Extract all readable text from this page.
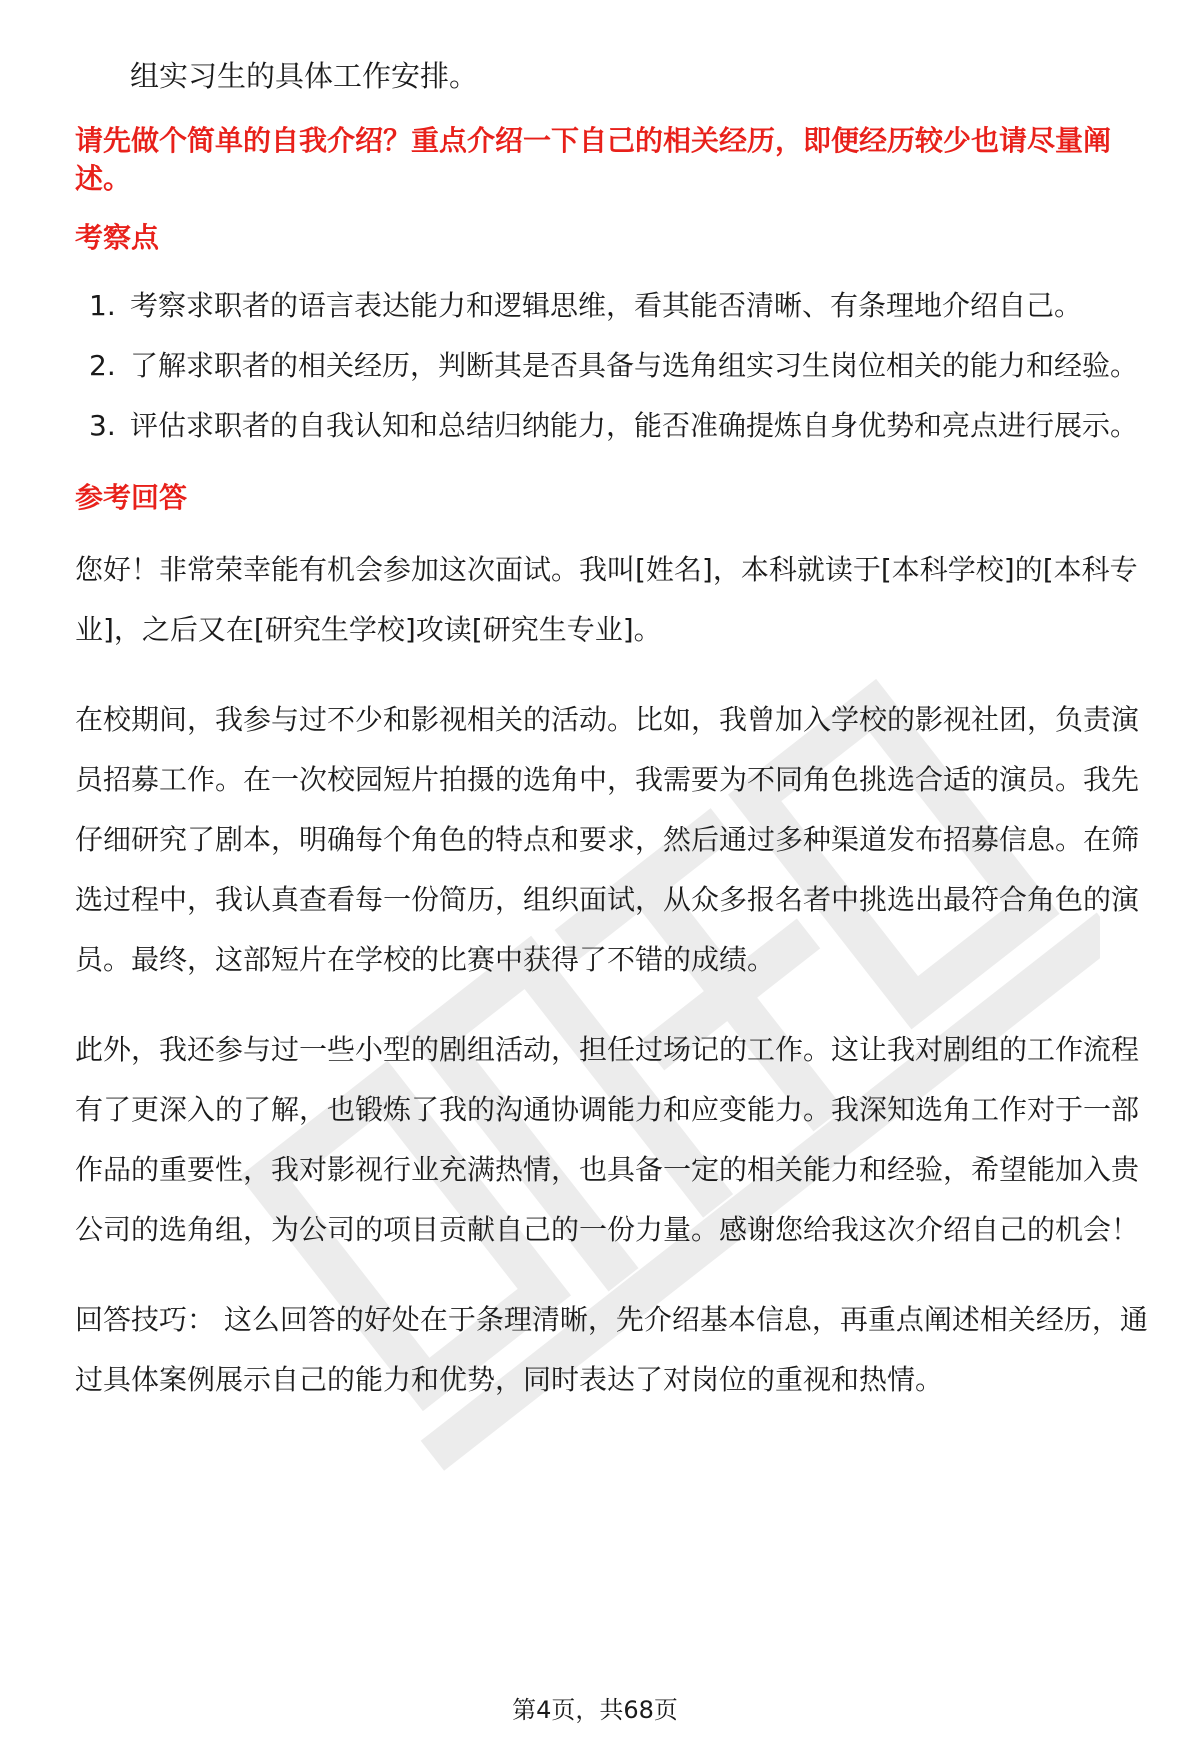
组实习生的具体工作安排。

请先做个简单的自我介绍？重点介绍一下自己的相关经历，即便经历较少也请尽量阐述。

考察点

1. 考察求职者的语言表达能力和逻辑思维，看其能否清晰、有条理地介绍自己。
2. 了解求职者的相关经历，判断其是否具备与选角组实习生岗位相关的能力和经验。
3. 评估求职者的自我认知和总结归纳能力，能否准确提炼自身优势和亮点进行展示。

参考回答

您好！非常荣幸能有机会参加这次面试。我叫[姓名]，本科就读于[本科学校]的[本科专业]，之后又在[研究生学校]攻读[研究生专业]。

在校期间，我参与过不少和影视相关的活动。比如，我曾加入学校的影视社团，负责演员招募工作。在一次校园短片拍摄的选角中，我需要为不同角色挑选合适的演员。我先仔细研究了剧本，明确每个角色的特点和要求，然后通过多种渠道发布招募信息。在筛选过程中，我认真查看每一份简历，组织面试，从众多报名者中挑选出最符合角色的演员。最终，这部短片在学校的比赛中获得了不错的成绩。

此外，我还参与过一些小型的剧组活动，担任过场记的工作。这让我对剧组的工作流程有了更深入的了解，也锻炼了我的沟通协调能力和应变能力。我深知选角工作对于一部作品的重要性，我对影视行业充满热情，也具备一定的相关能力和经验，希望能加入贵公司的选角组，为公司的项目贡献自己的一份力量。感谢您给我这次介绍自己的机会！

回答技巧： 这么回答的好处在于条理清晰，先介绍基本信息，再重点阐述相关经历，通过具体案例展示自己的能力和优势，同时表达了对岗位的重视和热情。

第4页，共68页
